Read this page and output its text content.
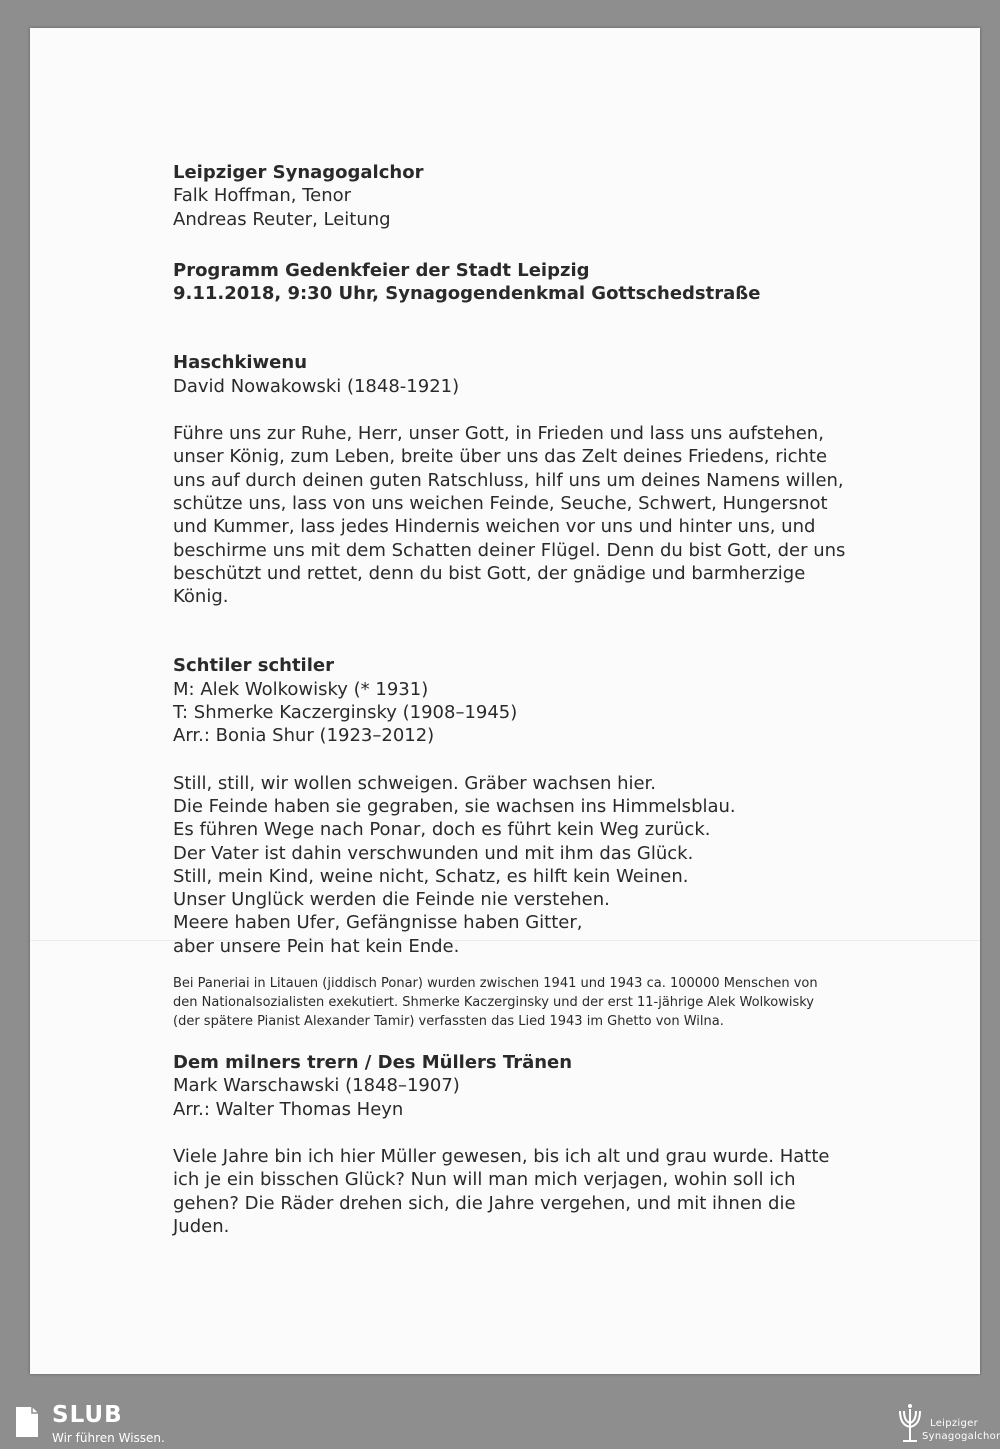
Leipziger Synagogalchor
Falk Hoffman, Tenor
Andreas Reuter, Leitung
Programm Gedenkfeier der Stadt Leipzig
9.11.2018, 9:30 Uhr, Synagogendenkmal Gottschedstraße
Haschkiwenu
David Nowakowski (1848-1921)
Führe uns zur Ruhe, Herr, unser Gott, in Frieden und lass uns aufstehen,
unser König, zum Leben, breite über uns das Zelt deines Friedens, richte
uns auf durch deinen guten Ratschluss, hilf uns um deines Namens willen,
schütze uns, lass von uns weichen Feinde, Seuche, Schwert, Hungersnot
und Kummer, lass jedes Hindernis weichen vor uns und hinter uns, und
beschirme uns mit dem Schatten deiner Flügel. Denn du bist Gott, der uns
beschützt und rettet, denn du bist Gott, der gnädige und barmherzige
König.
Schtiler schtiler
M: Alek Wolkowisky (* 1931)
T: Shmerke Kaczerginsky (1908–1945)
Arr.: Bonia Shur (1923–2012)
Still, still, wir wollen schweigen. Gräber wachsen hier.
Die Feinde haben sie gegraben, sie wachsen ins Himmelsblau.
Es führen Wege nach Ponar, doch es führt kein Weg zurück.
Der Vater ist dahin verschwunden und mit ihm das Glück.
Still, mein Kind, weine nicht, Schatz, es hilft kein Weinen.
Unser Unglück werden die Feinde nie verstehen.
Meere haben Ufer, Gefängnisse haben Gitter,
aber unsere Pein hat kein Ende.
Bei Paneriai in Litauen (jiddisch Ponar) wurden zwischen 1941 und 1943 ca. 100000 Menschen von
den Nationalsozialisten exekutiert. Shmerke Kaczerginsky und der erst 11-jährige Alek Wolkowisky
(der spätere Pianist Alexander Tamir) verfassten das Lied 1943 im Ghetto von Wilna.
Dem milners trern / Des Müllers Tränen
Mark Warschawski (1848–1907)
Arr.: Walter Thomas Heyn
Viele Jahre bin ich hier Müller gewesen, bis ich alt und grau wurde. Hatte
ich je ein bisschen Glück? Nun will man mich verjagen, wohin soll ich
gehen? Die Räder drehen sich, die Jahre vergehen, und mit ihnen die
Juden.
SLUB
Wir führen Wissen.
Leipziger
Synagogalchor
